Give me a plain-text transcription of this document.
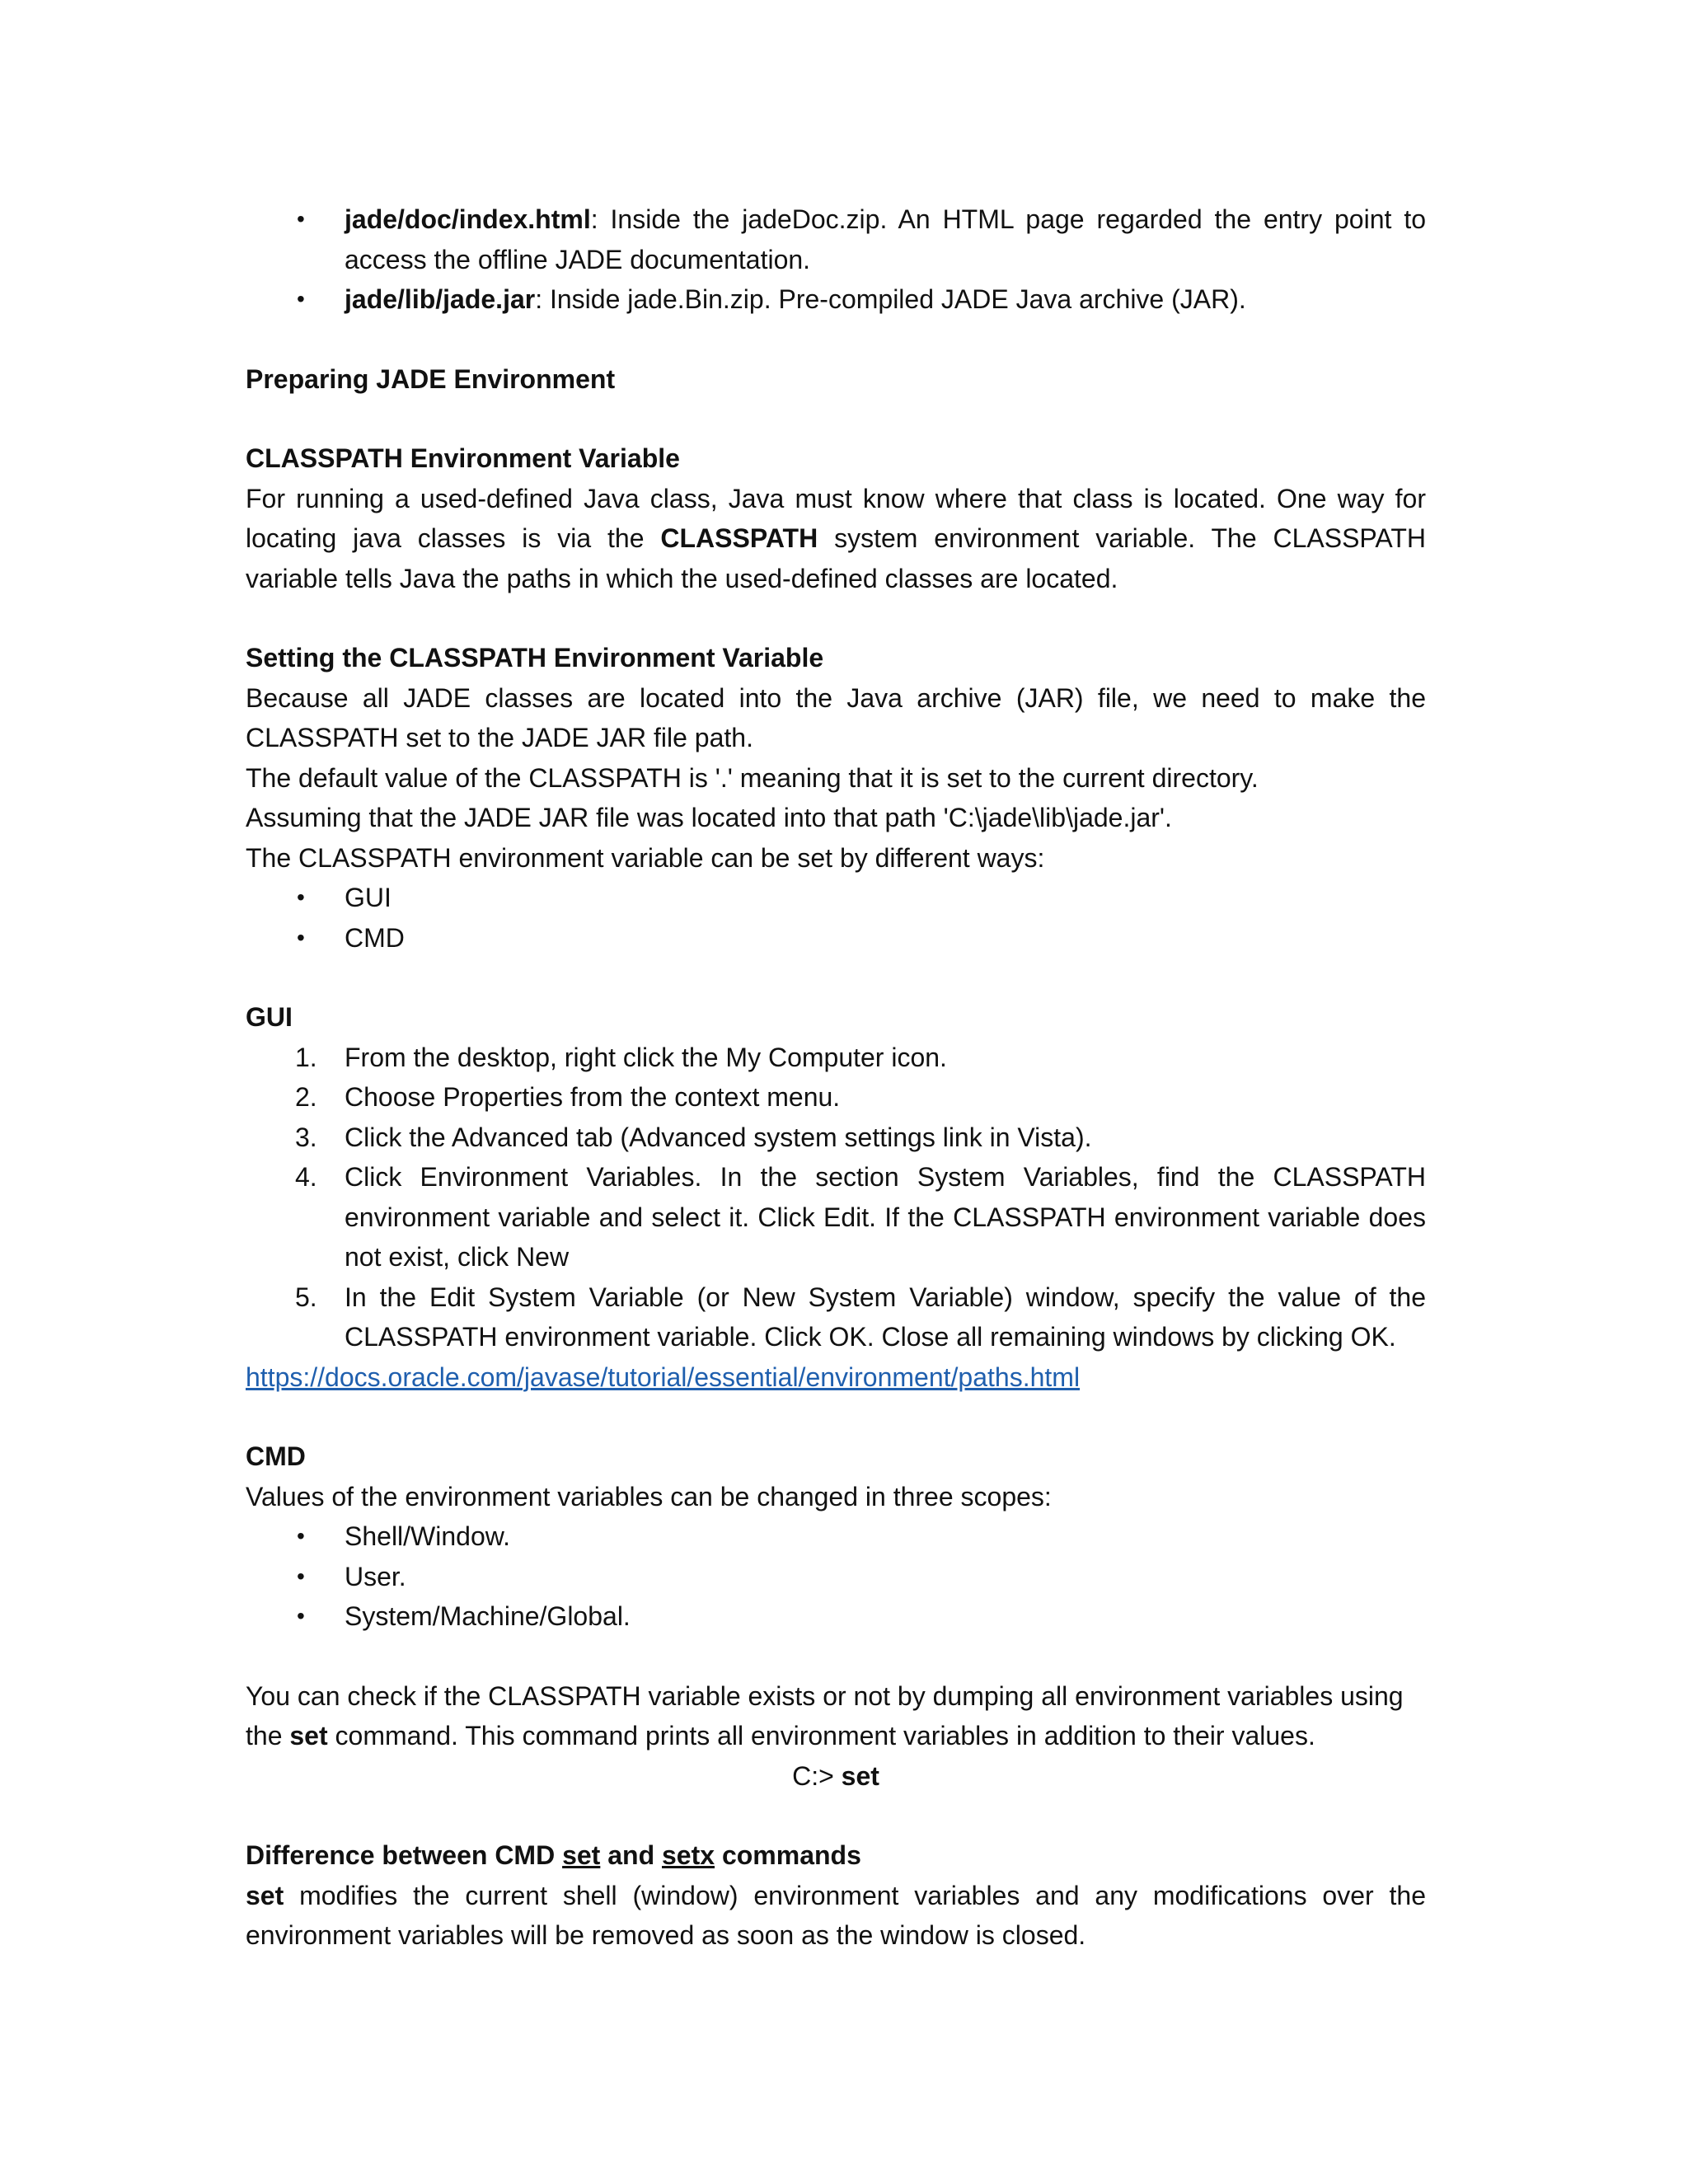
• jade/doc/index.html: Inside the jadeDoc.zip. An HTML page regarded the entry point to access the offline JADE documentation.
• jade/lib/jade.jar: Inside jade.Bin.zip. Pre-compiled JADE Java archive (JAR).

Preparing JADE Environment

CLASSPATH Environment Variable

For running a used-defined Java class, Java must know where that class is located. One way for locating java classes is via the CLASSPATH system environment variable. The CLASSPATH variable tells Java the paths in which the used-defined classes are located.

Setting the CLASSPATH Environment Variable

Because all JADE classes are located into the Java archive (JAR) file, we need to make the CLASSPATH set to the JADE JAR file path.

The default value of the CLASSPATH is '.' meaning that it is set to the current directory.

Assuming that the JADE JAR file was located into that path 'C:\jade\lib\jade.jar'.

The CLASSPATH environment variable can be set by different ways:

• GUI
• CMD

GUI

1. From the desktop, right click the My Computer icon.
2. Choose Properties from the context menu.
3. Click the Advanced tab (Advanced system settings link in Vista).
4. Click Environment Variables. In the section System Variables, find the CLASSPATH environment variable and select it. Click Edit. If the CLASSPATH environment variable does not exist, click New
5. In the Edit System Variable (or New System Variable) window, specify the value of the CLASSPATH environment variable. Click OK. Close all remaining windows by clicking OK.

https://docs.oracle.com/javase/tutorial/essential/environment/paths.html

CMD

Values of the environment variables can be changed in three scopes:

• Shell/Window.
• User.
• System/Machine/Global.

You can check if the CLASSPATH variable exists or not by dumping all environment variables using the set command. This command prints all environment variables in addition to their values.

C:> set

Difference between CMD set and setx commands

set modifies the current shell (window) environment variables and any modifications over the environment variables will be removed as soon as the window is closed.
